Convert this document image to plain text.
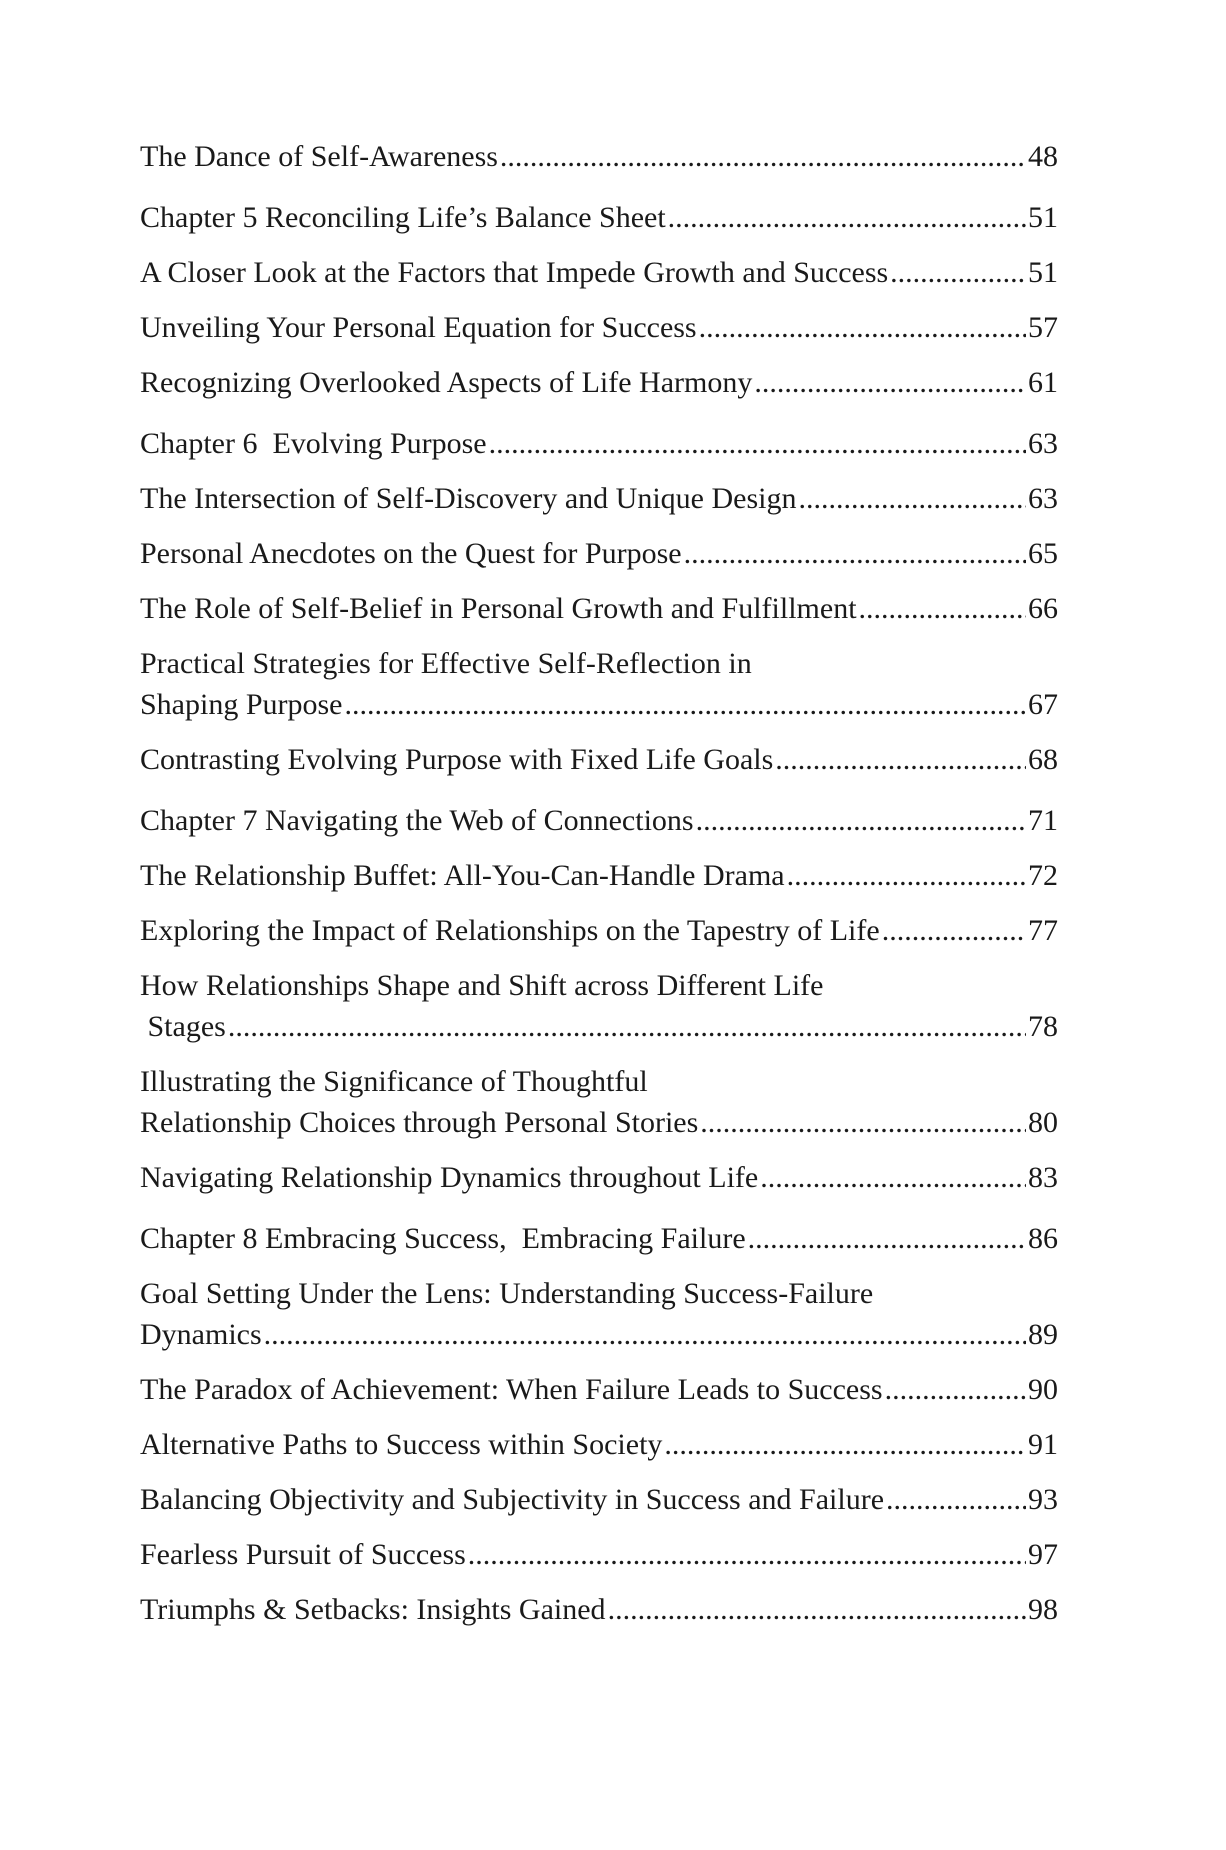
The Dance of Self-Awareness .....	48
Chapter 5 Reconciling Life’s Balance Sheet .....	51
A Closer Look at the Factors that Impede Growth and Success .....	51
Unveiling Your Personal Equation for Success .....	57
Recognizing Overlooked Aspects of Life Harmony .....	61
Chapter 6  Evolving Purpose .....	63
The Intersection of Self-Discovery and Unique Design .....	63
Personal Anecdotes on the Quest for Purpose .....	65
The Role of Self-Belief in Personal Growth and Fulfillment .....	66
Practical Strategies for Effective Self-Reflection in
Shaping Purpose .....	67
Contrasting Evolving Purpose with Fixed Life Goals .....	68
Chapter 7 Navigating the Web of Connections .....	71
The Relationship Buffet: All-You-Can-Handle Drama .....	72
Exploring the Impact of Relationships on the Tapestry of Life .....	77
How Relationships Shape and Shift across Different Life
Stages .....	78
Illustrating the Significance of Thoughtful
Relationship Choices through Personal Stories .....	80
Navigating Relationship Dynamics throughout Life .....	83
Chapter 8 Embracing Success,  Embracing Failure .....	86
Goal Setting Under the Lens: Understanding Success-Failure
Dynamics .....	89
The Paradox of Achievement: When Failure Leads to Success .....	90
Alternative Paths to Success within Society .....	91
Balancing Objectivity and Subjectivity in Success and Failure .....	93
Fearless Pursuit of Success .....	97
Triumphs & Setbacks: Insights Gained .....	98
